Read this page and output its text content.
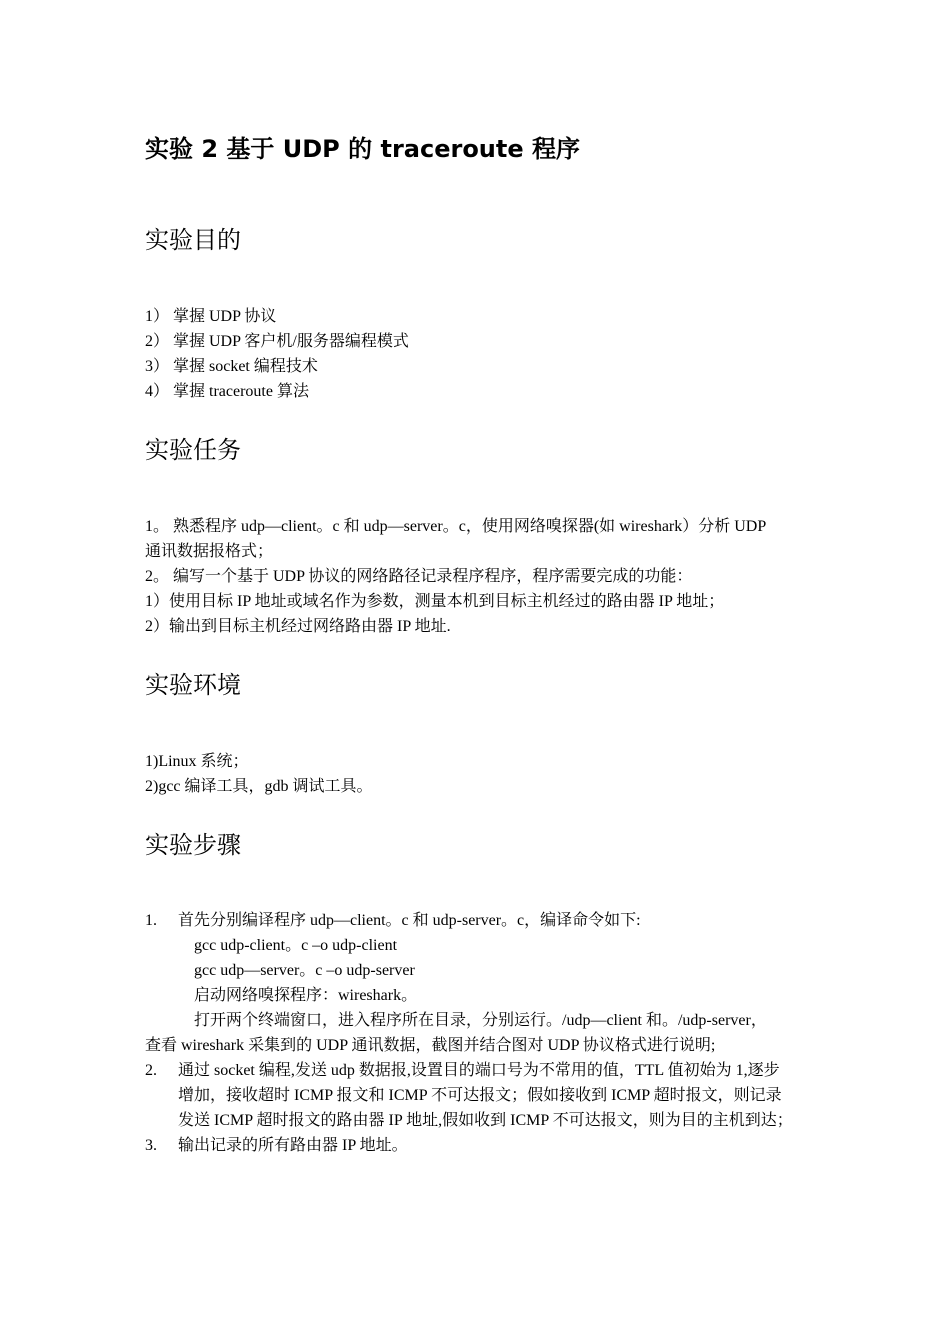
实验 2 基于 UDP 的 traceroute 程序
实验目的

1） 掌握 UDP 协议

2） 掌握 UDP 客户机/服务器编程模式

3） 掌握 socket 编程技术

4） 掌握 traceroute 算法

实验任务

1。 熟悉程序 udp—client。c 和 udp—server。c，使用网络嗅探器(如 wireshark）分析 UDP

通讯数据报格式；

2。 编写一个基于 UDP 协议的网络路径记录程序程序，程序需要完成的功能：

1）使用目标 IP 地址或域名作为参数，测量本机到目标主机经过的路由器 IP 地址；

2）输出到目标主机经过网络路由器 IP 地址.

实验环境

1)Linux 系统；

2)gcc 编译工具，gdb 调试工具。

实验步骤

1. 首先分别编译程序 udp—client。c 和 udp-server。c，编译命令如下:

gcc udp-client。c –o udp-client

gcc udp—server。c –o udp-server

启动网络嗅探程序：wireshark。

打开两个终端窗口，进入程序所在目录，分别运行。/udp—client 和。/udp-server，

查看 wireshark 采集到的 UDP 通讯数据，截图并结合图对 UDP 协议格式进行说明;

2. 通过 socket 编程,发送 udp 数据报,设置目的端口号为不常用的值，TTL 值初始为 1,逐步

增加，接收超时 ICMP 报文和 ICMP 不可达报文；假如接收到 ICMP 超时报文，则记录

发送 ICMP 超时报文的路由器 IP 地址,假如收到 ICMP 不可达报文，则为目的主机到达；

3. 输出记录的所有路由器 IP 地址。
